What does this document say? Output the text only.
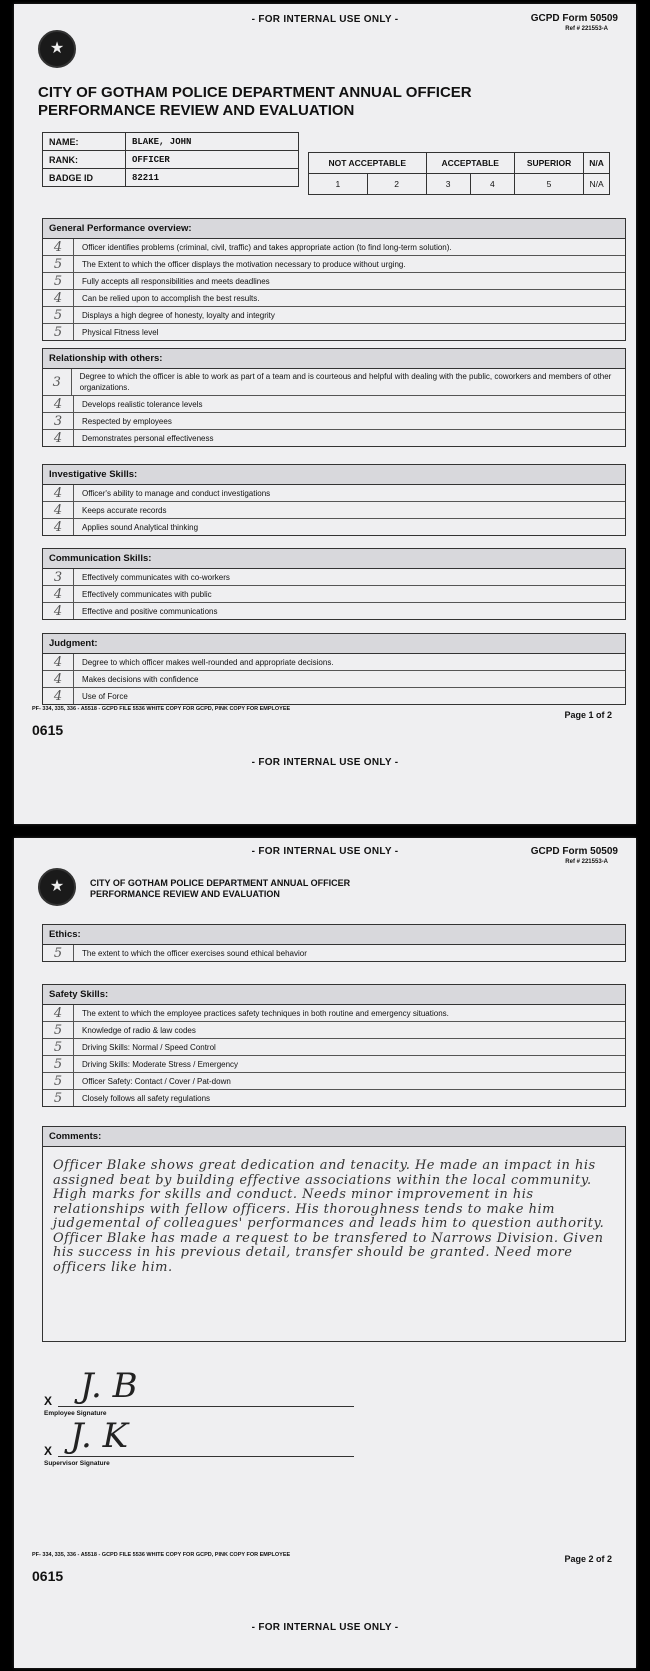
- FOR INTERNAL USE ONLY -	GCPD Form 50509
Ref # 221553-A
★
CITY OF GOTHAM POLICE DEPARTMENT ANNUAL OFFICER
PERFORMANCE REVIEW AND EVALUATION
NAME:	BLAKE, JOHN
RANK:	OFFICER
BADGE ID	82211
NOT ACCEPTABLE		ACCEPTABLE		SUPERIOR	N/A
1	2	3	4	5	N/A
General Performance overview:
4	Officer identifies problems (criminal, civil, traffic) and takes appropriate action (to find long-term solution).
5	The Extent to which the officer displays the motivation necessary to produce without urging.
5	Fully accepts all responsibilities and meets deadlines
4	Can be relied upon to accomplish the best results.
5	Displays a high degree of honesty, loyalty and integrity
5	Physical Fitness level
Relationship with others:
3	Degree to which the officer is able to work as part of a team and is courteous and helpful with dealing with the public, coworkers and members of other organizations.
4	Develops realistic tolerance levels
3	Respected by employees
4	Demonstrates personal effectiveness
Investigative Skills:
4	Officer's ability to manage and conduct investigations
4	Keeps accurate records
4	Applies sound Analytical thinking
Communication Skills:
3	Effectively communicates with co-workers
4	Effectively communicates with public
4	Effective and positive communications
Judgment:
4	Degree to which officer makes well-rounded and appropriate decisions.
4	Makes decisions with confidence
4	Use of Force
PF- 334, 335, 336 - A5518 - GCPD FILE 5536 WHITE COPY FOR GCPD, PINK COPY FOR EMPLOYEE
0615
Page 1 of 2
- FOR INTERNAL USE ONLY -
- FOR INTERNAL USE ONLY -	GCPD Form 50509
Ref # 221553-A
★	CITY OF GOTHAM POLICE DEPARTMENT ANNUAL OFFICER
PERFORMANCE REVIEW AND EVALUATION
Ethics:
5	The extent to which the officer exercises sound ethical behavior
Safety Skills:
4	The extent to which the employee practices safety techniques in both routine and emergency situations.
5	Knowledge of radio & law codes
5	Driving Skills: Normal / Speed Control
5	Driving Skills: Moderate Stress / Emergency
5	Officer Safety: Contact / Cover / Pat-down
5	Closely follows all safety regulations
Comments:
Officer Blake shows great dedication and tenacity. He made an impact in his assigned beat by building effective associations within the local community. High marks for skills and conduct. Needs minor improvement in his relationships with fellow officers. His thoroughness tends to make him judgemental of colleagues' performances and leads him to question authority. Officer Blake has made a request to be transfered to Narrows Division. Given his success in his previous detail, transfer should be granted. Need more officers like him.
X J. B
Employee Signature
X J. K
Supervisor Signature
PF- 334, 335, 336 - A5518 - GCPD FILE 5536 WHITE COPY FOR GCPD, PINK COPY FOR EMPLOYEE
0615
Page 2 of 2
- FOR INTERNAL USE ONLY -
